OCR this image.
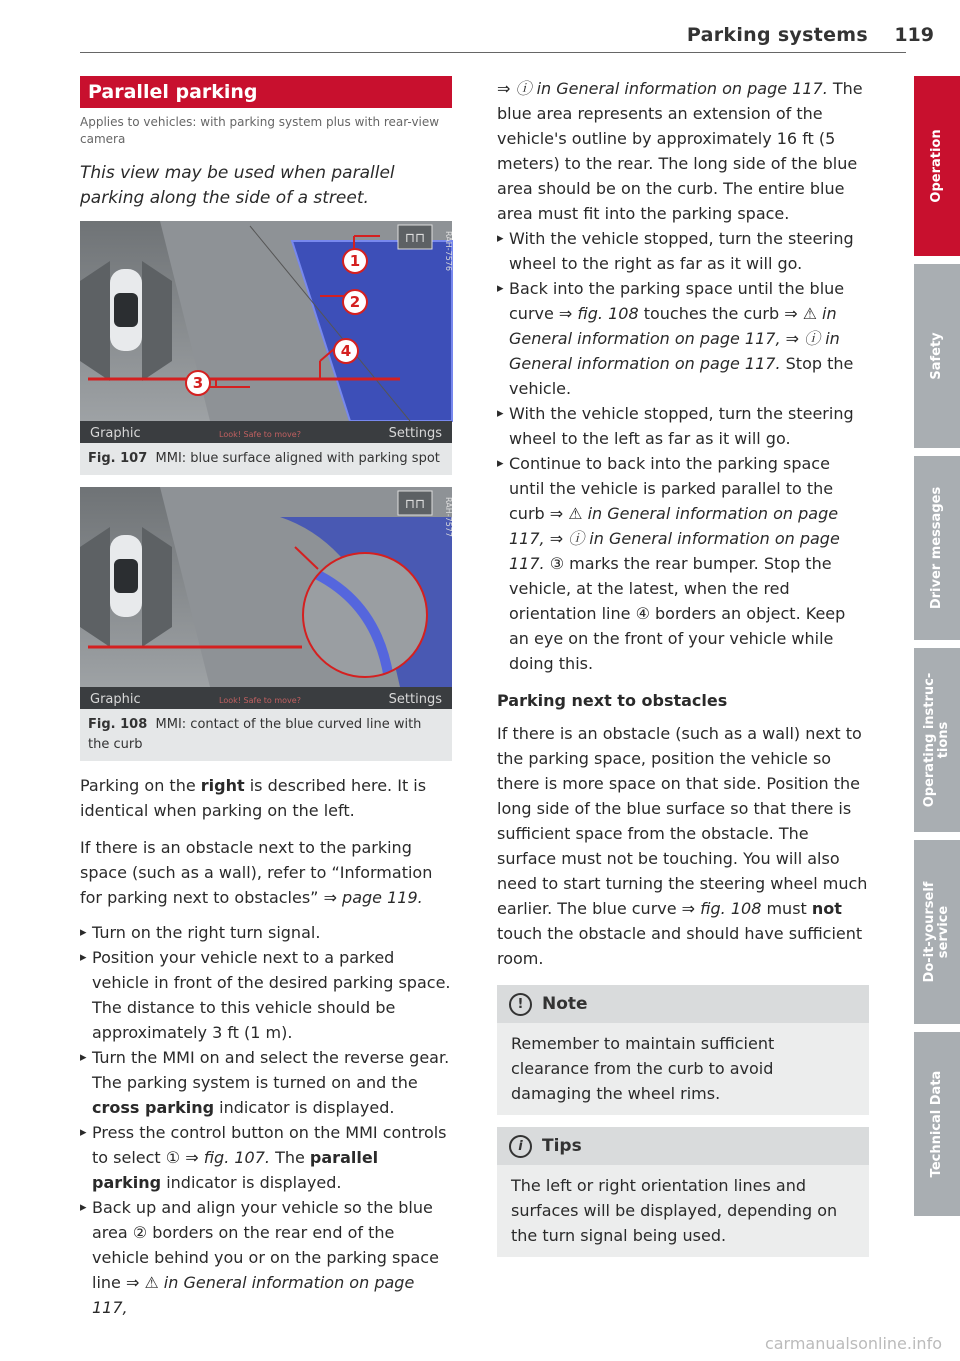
Parking systems 119
Operation
Safety
Driver messages
Operating instruc-
tions
Do-it-yourself
service
Technical Data
Parallel parking
Applies to vehicles: with parking system plus with rear-view camera
This view may be used when parallel parking along the side of a street.
⊓⊓
1
2
3
4
RAH-7576
Graphic	Look! Safe to move?	Settings
Fig. 107 MMI: blue surface aligned with parking spot
⊓⊓ RAH-7577
Graphic	Look! Safe to move?	Settings
Fig. 108 MMI: contact of the blue curved line with the curb

Parking on the right is described here. It is identical when parking on the left.

If there is an obstacle next to the parking space (such as a wall), refer to “Information for parking next to obstacles” ⇒ page 119.

▸ Turn on the right turn signal.
▸ Position your vehicle next to a parked vehicle in front of the desired parking space. The distance to this vehicle should be approximately 3 ft (1 m).
▸ Turn the MMI on and select the reverse gear. The parking system is turned on and the cross parking indicator is displayed.
▸ Press the control button on the MMI controls to select ① ⇒ fig. 107. The parallel parking indicator is displayed.
▸ Back up and align your vehicle so the blue area ② borders on the rear end of the vehicle behind you or on the parking space line ⇒ ⚠ in General information on page 117,

⇒ ⓘ in General information on page 117. The blue area represents an extension of the vehicle's outline by approximately 16 ft (5 meters) to the rear. The long side of the blue area should be on the curb. The entire blue area must fit into the parking space.

▸ With the vehicle stopped, turn the steering wheel to the right as far as it will go.
▸ Back into the parking space until the blue curve ⇒ fig. 108 touches the curb ⇒ ⚠ in General information on page 117, ⇒ ⓘ in General information on page 117. Stop the vehicle.
▸ With the vehicle stopped, turn the steering wheel to the left as far as it will go.
▸ Continue to back into the parking space until the vehicle is parked parallel to the curb ⇒ ⚠ in General information on page 117, ⇒ ⓘ in General information on page 117. ③ marks the rear bumper. Stop the vehicle, at the latest, when the red orientation line ④ borders an object. Keep an eye on the front of your vehicle while doing this.
Parking next to obstacles

If there is an obstacle (such as a wall) next to the parking space, position the vehicle so there is more space on that side. Position the long side of the blue surface so that there is sufficient space from the obstacle. The surface must not be touching. You will also need to start turning the steering wheel much earlier. The blue curve ⇒ fig. 108 must not touch the obstacle and should have sufficient room.

! Note
Remember to maintain sufficient clearance from the curb to avoid damaging the wheel rims.
i Tips
The left or right orientation lines and surfaces will be displayed, depending on the turn signal being used.
carmanualsonline.info
